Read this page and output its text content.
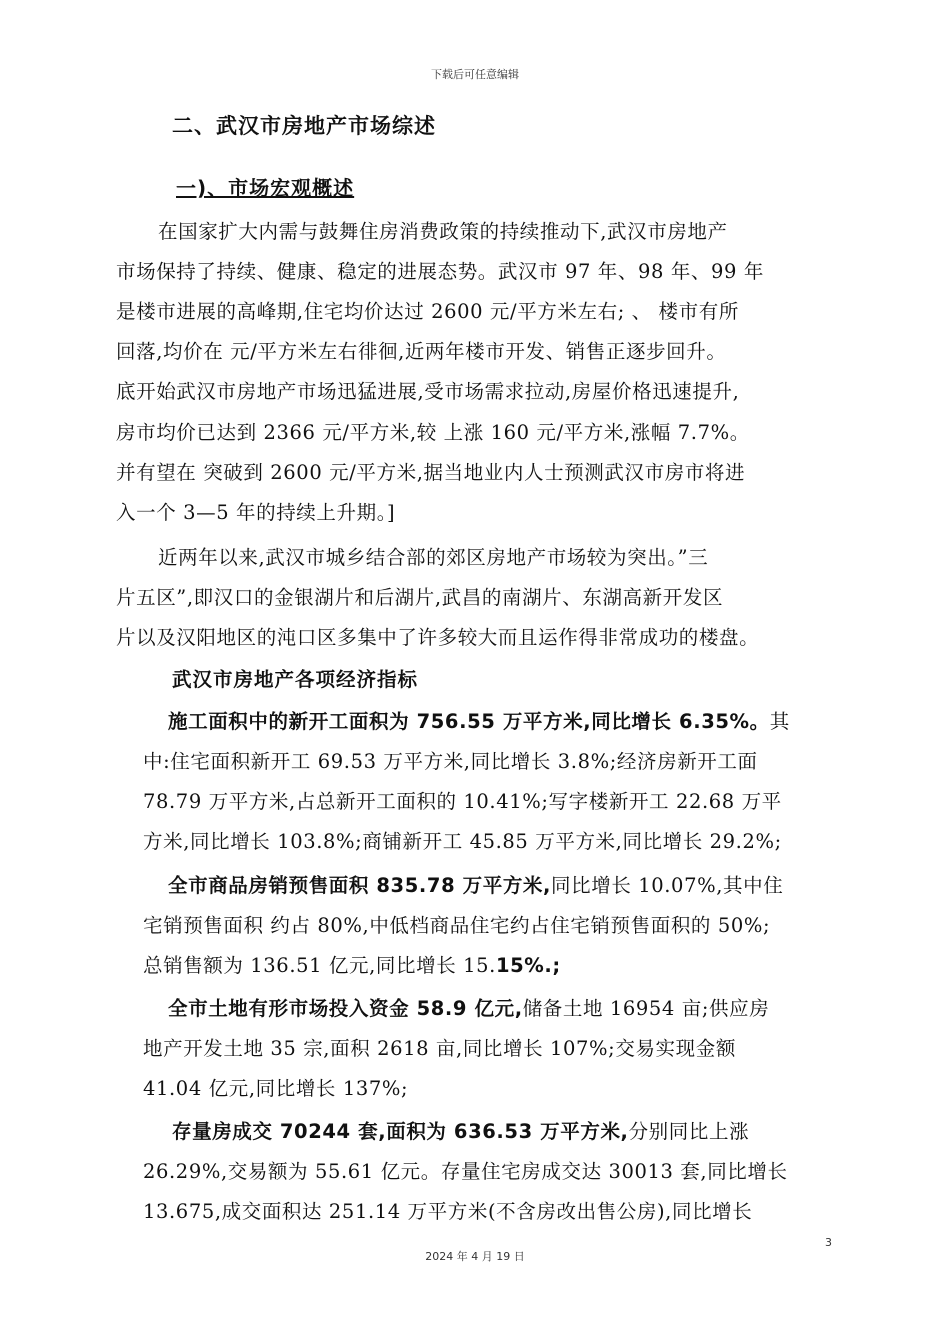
下载后可任意编辑
二、武汉市房地产市场综述
一)、市场宏观概述
在国家扩大内需与鼓舞住房消费政策的持续推动下,武汉市房地产
市场保持了持续、健康、稳定的进展态势。武汉市 97 年、98 年、99 年
是楼市进展的高峰期,住宅均价达过 2600 元/平方米左右; 、 楼市有所
回落,均价在 元/平方米左右徘徊,近两年楼市开发、销售正逐步回升。
底开始武汉市房地产市场迅猛进展,受市场需求拉动,房屋价格迅速提升,
房市均价已达到 2366 元/平方米,较 上涨 160 元/平方米,涨幅 7.7%。
并有望在 突破到 2600 元/平方米,据当地业内人士预测武汉市房市将进
入一个 3—5 年的持续上升期。]
近两年以来,武汉市城乡结合部的郊区房地产市场较为突出。”三
片五区”,即汉口的金银湖片和后湖片,武昌的南湖片、东湖高新开发区
片以及汉阳地区的沌口区多集中了许多较大而且运作得非常成功的楼盘。
武汉市房地产各项经济指标
施工面积中的新开工面积为 756.55 万平方米,同比增长 6.35%。其
中:住宅面积新开工 69.53 万平方米,同比增长 3.8%;经济房新开工面
78.79 万平方米,占总新开工面积的 10.41%;写字楼新开工 22.68 万平
方米,同比增长 103.8%;商铺新开工 45.85 万平方米,同比增长 29.2%;
全市商品房销预售面积 835.78 万平方米,同比增长 10.07%,其中住
宅销预售面积 约占 80%,中低档商品住宅约占住宅销预售面积的 50%;
总销售额为 136.51 亿元,同比增长 15.15%.;
全市土地有形市场投入资金 58.9 亿元,储备土地 16954 亩;供应房
地产开发土地 35 宗,面积 2618 亩,同比增长 107%;交易实现金额
41.04 亿元,同比增长 137%;
存量房成交 70244 套,面积为 636.53 万平方米,分别同比上涨
26.29%,交易额为 55.61 亿元。存量住宅房成交达 30013 套,同比增长
13.675,成交面积达 251.14 万平方米(不含房改出售公房),同比增长
3
2024 年 4 月 19 日
